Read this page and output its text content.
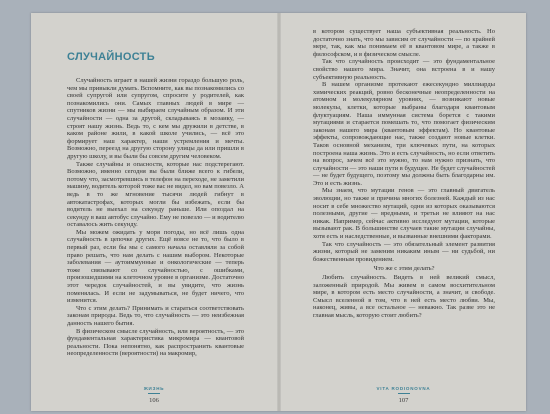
СЛУЧАЙНОСТЬ

Случайность играет в нашей жизни гораздо большую роль, чем мы привыкли думать. Вспомните, как вы познакомились со своей супругой или супругом, спросите у родителей, как познакомились они. Самых главных людей в мире — спутников жизни — мы выбираем случайным образом. И эти случайности — одна за другой, складываясь в мозаику, — строят нашу жизнь. Ведь то, с кем мы дружили в детстве, в каком районе жили, в какой школе учились, — всё это формирует наш характер, наши устремления и мечты. Возможно, переезд на другую сторону улицы да или пришли в другую школу, и вы были бы совсем другим человеком.

Также случайны и опасности, которые нас подстерегают. Возможно, именно сегодня вы были ближе всего к гибели, потому что, засмотревшись в телефон на переходе, не заметили машину, водитель которой тоже вас не видел, но вам повезло. А ведь в то же мгновение тысячи людей гибнут в автокатастрофах, которых могли бы избежать, если бы водитель не выехал на секунду раньше. Или опоздал на секунду в ваш автобус случайно. Ему не повезло — и водителю оставалось жить секунду.

Мы можем ожидать у моря погоды, но всё лишь одна случайность в цепочке других. Ещё вовсе не то, что было в первый раз, если бы мы с самого начала оставляли за собой право решать, что нам делать с нашим выбором. Некоторые заболевания — аутоиммунные и онкологические — теперь тоже связывают со случайностью, с ошибками, произошедшими на клеточном уровне в организме. Достаточно этот чередок случайностей, и вы увидите, что жизнь поменялась. И если не задумываться, не будет ничего, что изменится.

Что с этим делать? Принимать и стараться соответствовать законам природы. Ведь то, что случайность — это неизбежная данность нашего бытия.

В физическом смысле случайность, или вероятность, — это фундаментальная характеристика микромира — квантовой реальности. Пока непонятно, как распространить квантовые неопределенности (вероятности) на макромир,

ЖИЗНЬ
106

в котором существует наша субъективная реальность. Но достаточно знать, что мы зависим от случайности — по крайней мере, так, как мы понимаем её в квантовом мире, а также в философском, и в физическом смысле.

Так что случайность происходит — это фундаментальное свойство нашего мира. Значит, она встроена в и нашу субъективную реальность.

В нашем организме протекают ежесекундно миллиарды химических реакций, ровно бесконечные неопределенности на атомном и молекулярном уровнях, — возникают новые молекулы, клетки, которые выбраны благодаря квантовым флуктуациям. Наша иммунная система борется с такими мутациями и старается помешать то, что помогает физическим законам нашего мира (квантовым эффектам). Но квантовые эффекты, сопровождающие нас, также создают новые клетки. Таков основной механизм, три ключевых пути, на которых построена наша жизнь. Это и есть случайность, но если ответить на вопрос, зачем всё это нужно, то нам нужно признать, что случайности — это наши пути в будущее. Не будет случайностей — не будет будущего, поэтому мы должны быть благодарны им. Это и есть жизнь.

Мы знаем, что мутации генов — это главный двигатель эволюции, но также и причина многих болезней. Каждый из нас носит в себе множество мутаций, одни из которых оказываются полезными, другие — вредными, и третьи не влияют на нас никак. Например, сейчас активно исследуют мутации, которые вызывают рак. В большинстве случаев такие мутации случайны, хотя есть и наследственные, и вызванные внешними факторами.

Так что случайность — это обязательный элемент развития жизни, который не заменим никаким иным — ни судьбой, ни божественным провидением.

Что же с этим делать?

Любить случайность. Видеть в ней великий смысл, заложенный природой. Мы живем в самом восхитительном мире, в котором есть место случайности, а значит, и свободе. Смысл вселенной в том, что в ней есть место любви. Мы, наконец, живы, а все остальное — неважно. Так разве это не главная мысль, которую стоит любить?

VITA RODIONOVNA
107
